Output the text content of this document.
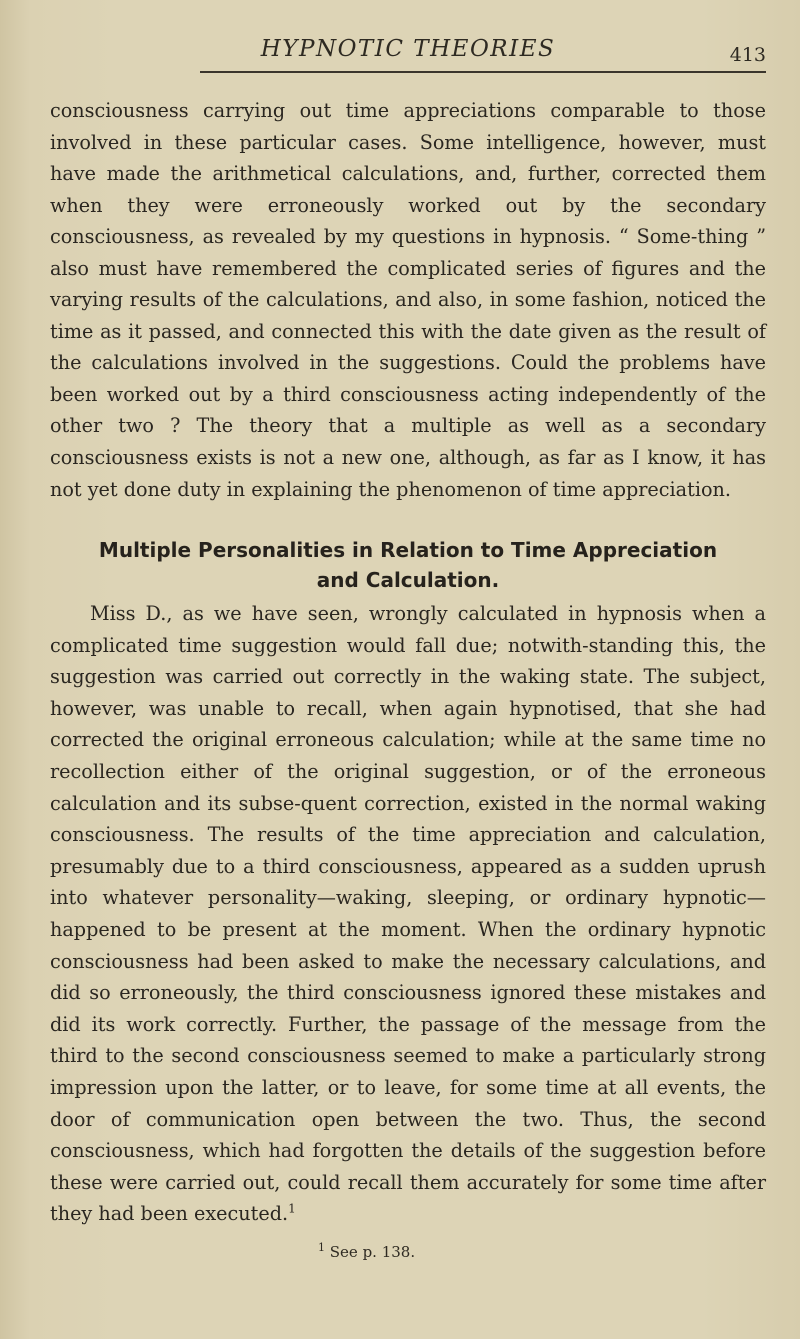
HYPNOTIC THEORIES	413

consciousness carrying out time appreciations comparable to those involved in these particular cases. Some intelligence, however, must have made the arithmetical calculations, and, further, corrected them when they were erroneously worked out by the secondary consciousness, as revealed by my questions in hypnosis. “ Some-thing ” also must have remembered the complicated series of figures and the varying results of the calculations, and also, in some fashion, noticed the time as it passed, and connected this with the date given as the result of the calculations involved in the suggestions. Could the problems have been worked out by a third consciousness acting independently of the other two ? The theory that a multiple as well as a secondary consciousness exists is not a new one, although, as far as I know, it has not yet done duty in explaining the phenomenon of time appreciation.

Multiple Personalities in Relation to Time Appreciation
and Calculation.

Miss D., as we have seen, wrongly calculated in hypnosis when a complicated time suggestion would fall due; notwith-standing this, the suggestion was carried out correctly in the waking state. The subject, however, was unable to recall, when again hypnotised, that she had corrected the original erroneous calculation; while at the same time no recollection either of the original suggestion, or of the erroneous calculation and its subse-quent correction, existed in the normal waking consciousness. The results of the time appreciation and calculation, presumably due to a third consciousness, appeared as a sudden uprush into whatever personality—waking, sleeping, or ordinary hypnotic—happened to be present at the moment. When the ordinary hypnotic consciousness had been asked to make the necessary calculations, and did so erroneously, the third consciousness ignored these mistakes and did its work correctly. Further, the passage of the message from the third to the second consciousness seemed to make a particularly strong impression upon the latter, or to leave, for some time at all events, the door of communication open between the two. Thus, the second consciousness, which had forgotten the details of the suggestion before these were carried out, could recall them accurately for some time after they had been executed.$^1$

$^1$ See p. 138.
